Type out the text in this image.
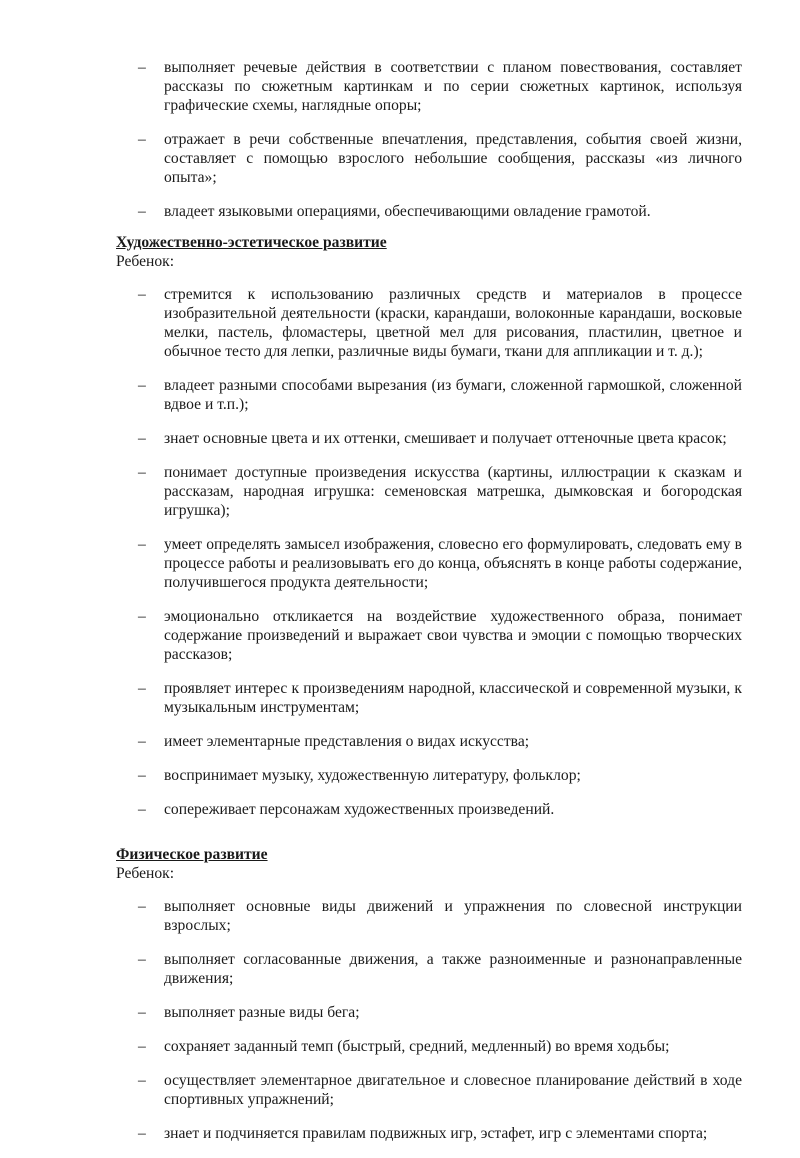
– выполняет речевые действия в соответствии с планом повествования, составляет рассказы по сюжетным картинкам и по серии сюжетных картинок, используя графические схемы, наглядные опоры;
– отражает в речи собственные впечатления, представления, события своей жизни, составляет с помощью взрослого небольшие сообщения, рассказы «из личного опыта»;
– владеет языковыми операциями, обеспечивающими овладение грамотой.
Художественно-эстетическое развитие
Ребенок:
– стремится к использованию различных средств и материалов в процессе изобразительной деятельности (краски, карандаши, волоконные карандаши, восковые мелки, пастель, фломастеры, цветной мел для рисования, пластилин, цветное и обычное тесто для лепки, различные виды бумаги, ткани для аппликации и т. д.);
– владеет разными способами вырезания (из бумаги, сложенной гармошкой, сложенной вдвое и т.п.);
– знает основные цвета и их оттенки, смешивает и получает оттеночные цвета красок;
– понимает доступные произведения искусства (картины, иллюстрации к сказкам и рассказам, народная игрушка: семеновская матрешка, дымковская и богородская игрушка);
– умеет определять замысел изображения, словесно его формулировать, следовать ему в процессе работы и реализовывать его до конца, объяснять в конце работы содержание, получившегося продукта деятельности;
– эмоционально откликается на воздействие художественного образа, понимает содержание произведений и выражает свои чувства и эмоции с помощью творческих рассказов;
– проявляет интерес к произведениям народной, классической и современной музыки, к музыкальным инструментам;
– имеет элементарные представления о видах искусства;
– воспринимает музыку, художественную литературу, фольклор;
– сопереживает персонажам художественных произведений.
Физическое развитие
Ребенок:
– выполняет основные виды движений и упражнения по словесной инструкции взрослых;
– выполняет согласованные движения, а также разноименные и разнонаправленные движения;
– выполняет разные виды бега;
– сохраняет заданный темп (быстрый, средний, медленный) во время ходьбы;
– осуществляет элементарное двигательное и словесное планирование действий в ходе спортивных упражнений;
– знает и подчиняется правилам подвижных игр, эстафет, игр с элементами спорта;
